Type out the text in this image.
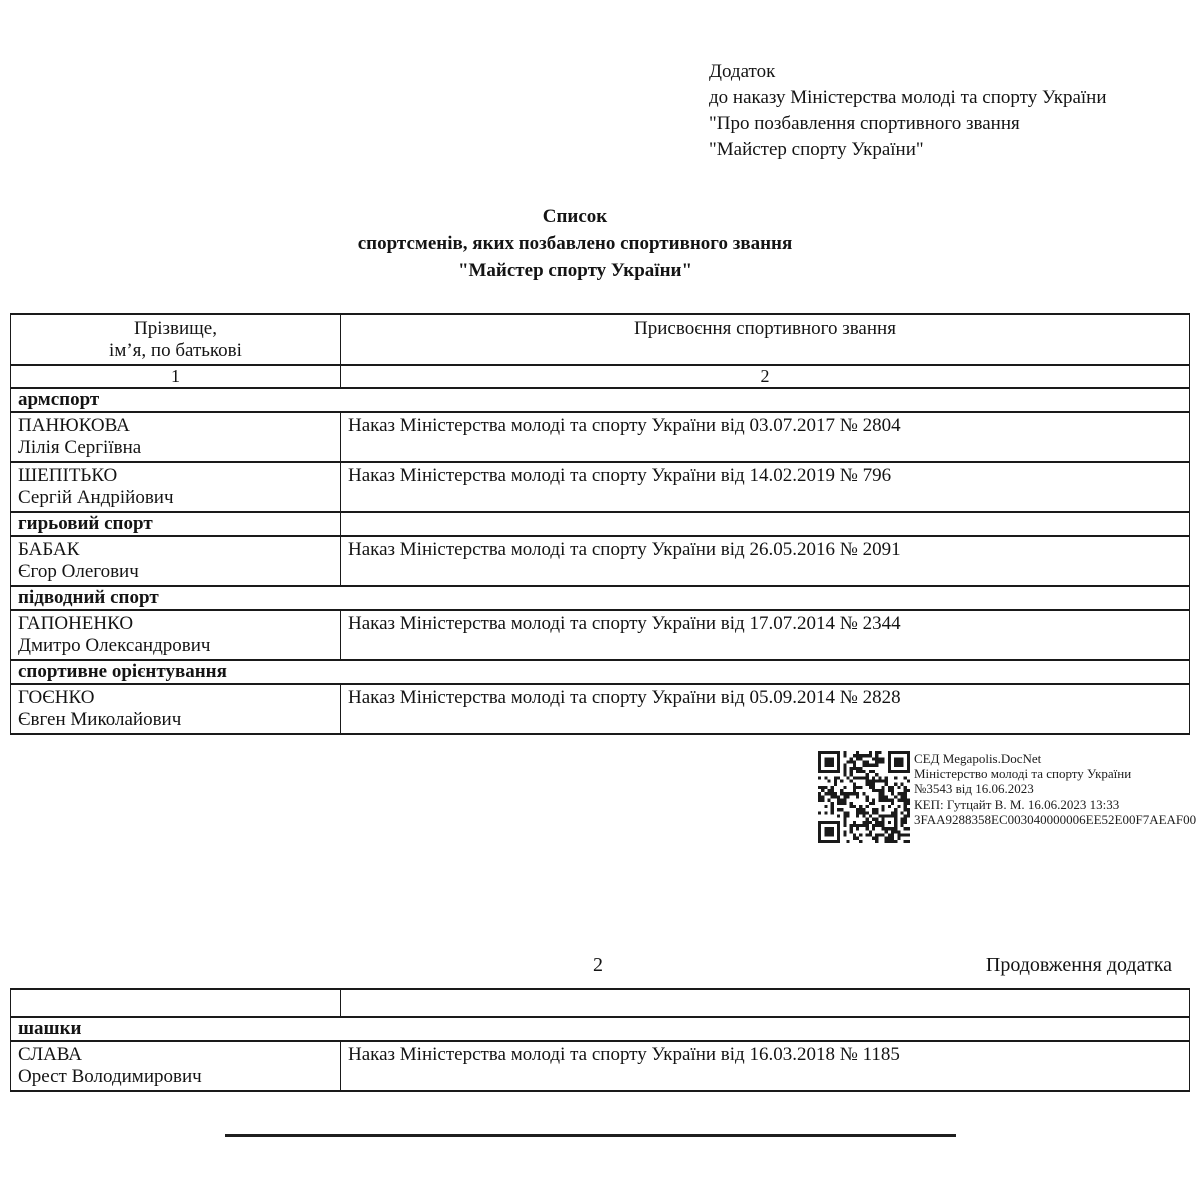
Додаток
до наказу Міністерства молоді та спорту України
"Про позбавлення спортивного звання
"Майстер спорту України"
Список
спортсменів, яких позбавлено спортивного звання
"Майстер спорту України"
Прізвище,
ім’я, по батькові	Присвоєння спортивного звання
1	2
армспорт	

ПАНЮКОВА
Лілія Сергіївна	Наказ Міністерства молоді та спорту України від 03.07.2017 № 2804

ШЕПІТЬКО
Сергій Андрійович	Наказ Міністерства молоді та спорту України від 14.02.2019 № 796
гирьовий спорт	

БАБАК
Єгор Олегович	Наказ Міністерства молоді та спорту України від 26.05.2016 № 2091
підводний спорт	

ГАПОНЕНКО
Дмитро Олександрович	Наказ Міністерства молоді та спорту України від 17.07.2014 № 2344
спортивне орієнтування	

ГОЄНКО
Євген Миколайович	Наказ Міністерства молоді та спорту України від 05.09.2014 № 2828
СЕД Megapolis.DocNet
Міністерство молоді та спорту України
№3543 від 16.06.2023
КЕП: Гутцайт В. М. 16.06.2023 13:33
3FAA9288358EC003040000006EE52E00F7AEAF00
2	Продовження додатка

шашки	

СЛАВА
Орест Володимирович	Наказ Міністерства молоді та спорту України від 16.03.2018 № 1185
